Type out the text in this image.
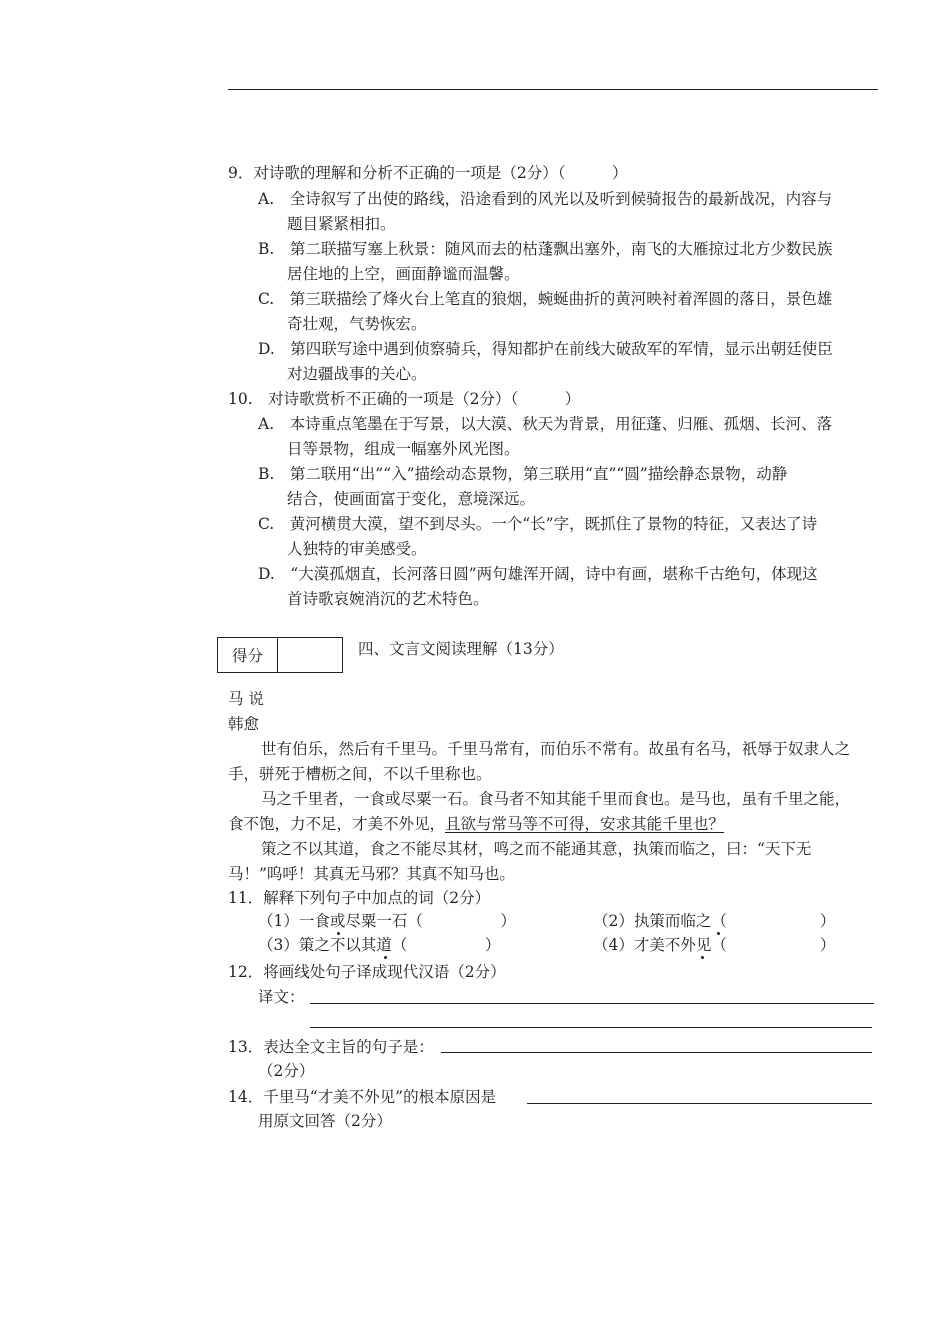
9．对诗歌的理解和分析不正确的一项是（2分）（　　　）
A.　全诗叙写了出使的路线，沿途看到的风光以及听到候骑报告的最新战况，内容与
题目紧紧相扣。
B.　第二联描写塞上秋景：随风而去的枯蓬飘出塞外，南飞的大雁掠过北方少数民族
居住地的上空，画面静谧而温馨。
C.　第三联描绘了烽火台上笔直的狼烟，蜿蜒曲折的黄河映衬着浑圆的落日，景色雄
奇壮观，气势恢宏。
D.　第四联写途中遇到侦察骑兵，得知都护在前线大破敌军的军情，显示出朝廷使臣
对边疆战事的关心。
10.　对诗歌赏析不正确的一项是（2分）（　　　）
A.　本诗重点笔墨在于写景，以大漠、秋天为背景，用征蓬、归雁、孤烟、长河、落
日等景物，组成一幅塞外风光图。
B.　第二联用“出”“入”描绘动态景物，第三联用“直”“圆”描绘静态景物，动静
结合，使画面富于变化，意境深远。
C.　黄河横贯大漠，望不到尽头。一个“长”字，既抓住了景物的特征，又表达了诗
人独特的审美感受。
D.　“大漠孤烟直，长河落日圆”两句雄浑开阔，诗中有画，堪称千古绝句，体现这
首诗歌哀婉消沉的艺术特色。
得分	四、文言文阅读理解（13分）
马 说
韩愈
世有伯乐，然后有千里马。千里马常有，而伯乐不常有。故虽有名马，祇辱于奴隶人之
手，骈死于槽枥之间，不以千里称也。
马之千里者，一食或尽粟一石。食马者不知其能千里而食也。是马也，虽有千里之能，
食不饱，力不足，才美不外见，且欲与常马等不可得，安求其能千里也？
策之不以其道，食之不能尽其材，鸣之而不能通其意，执策而临之，曰：“天下无
马！”呜呼！其真无马邪？其真不知马也。
11．解释下列句子中加点的词（2分）
（1）一食或尽粟一石（　　　　　）	（2）执策而临之（　　　　　　）
（3）策之不以其道（　　　　　）	（4）才美不外见（　　　　　　）
12．将画线处句子译成现代汉语（2分）
译文：
13．表达全文主旨的句子是：
（2分）
14．千里马“才美不外见”的根本原因是
用原文回答（2分）
